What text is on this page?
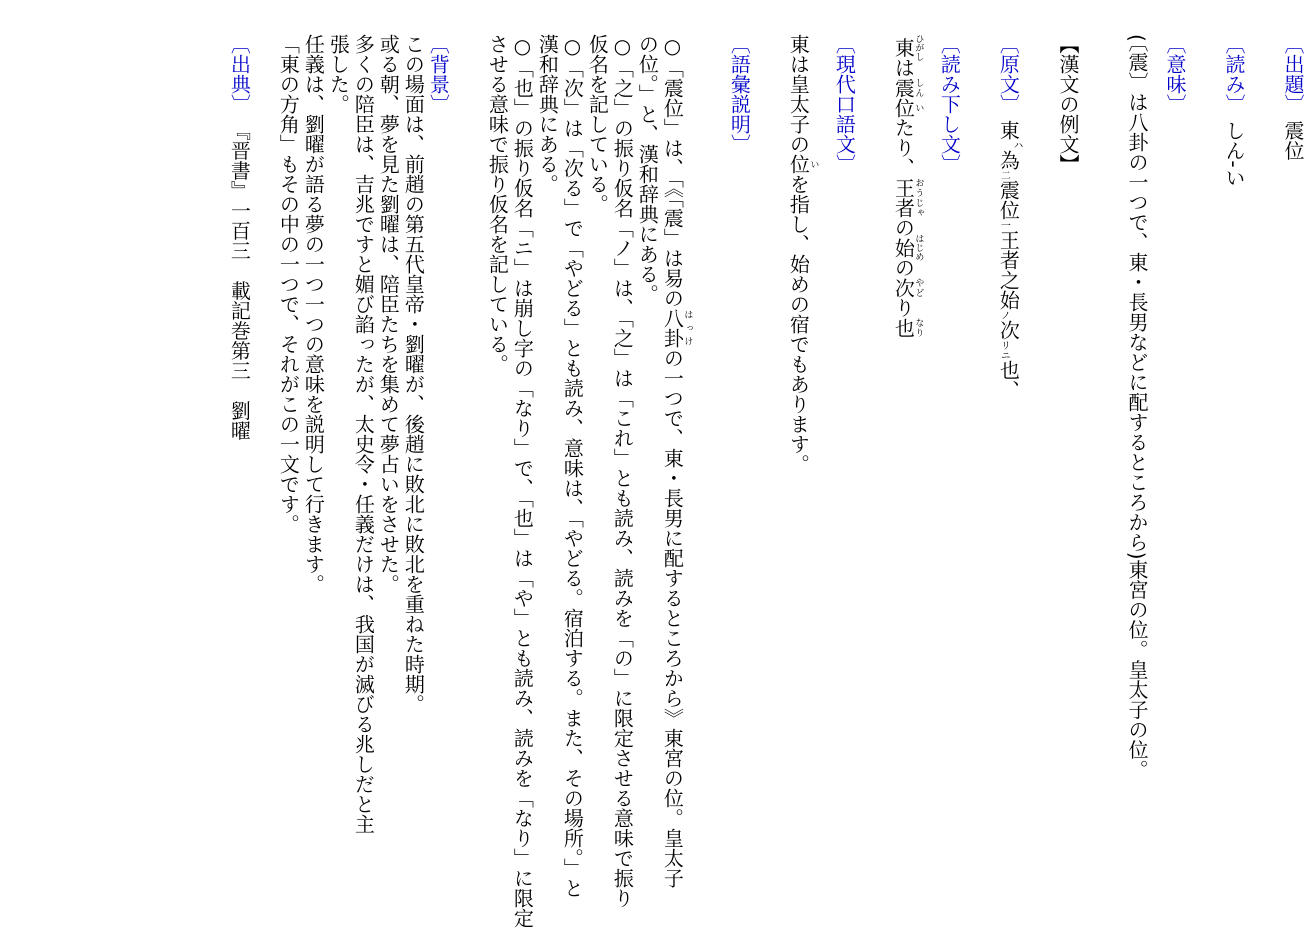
〔出題〕 震位
〔読み〕 しん-い
〔意味〕
(〔震〕は八卦の一つで、東・長男などに配するところから)東宮の位。皇太子の位。
【漢文の例文】
〔原文〕 東$^ハ$為$_二$震位$_一$王者之始$_ノ$次$_{リニ}$也、
〔読み下し文〕
東ひがしは震しん位いたり、王者おうじゃの始はじめの次やどり也なり
〔現代口語文〕
東は皇太子の位いを指し、始めの宿でもあります。
〔語彙説明〕
○「震位」は、「《「震」は易の八卦はっけの一つで、東・長男に配するところから》東宮の位。皇太子
の位。」と、漢和辞典にある。
○「之」の振り仮名「ノ」は、「之」は「これ」とも読み、読みを「の」に限定させる意味で振り
仮名を記している。
○「次」は「次る」で「やどる」とも読み、意味は、「やどる。宿泊する。また、その場所。」と
漢和辞典にある。
○「也」の振り仮名「ニ」は崩し字の「なり」で、「也」は「や」とも読み、読みを「なり」に限定
させる意味で振り仮名を記している。
〔背景〕
この場面は、前趙の第五代皇帝・劉曜が、後趙に敗北に敗北を重ねた時期。
或る朝、夢を見た劉曜は、陪臣たちを集めて夢占いをさせた。
多くの陪臣は、吉兆ですと媚び諂ったが、太史令・任義だけは、我国が滅びる兆しだと主
張した。
任義は、劉曜が語る夢の一つ一つの意味を説明して行きます。
「東の方角」もその中の一つで、それがこの一文です。
〔出典〕 『晋書』一百三　載記巻第三　劉曜
